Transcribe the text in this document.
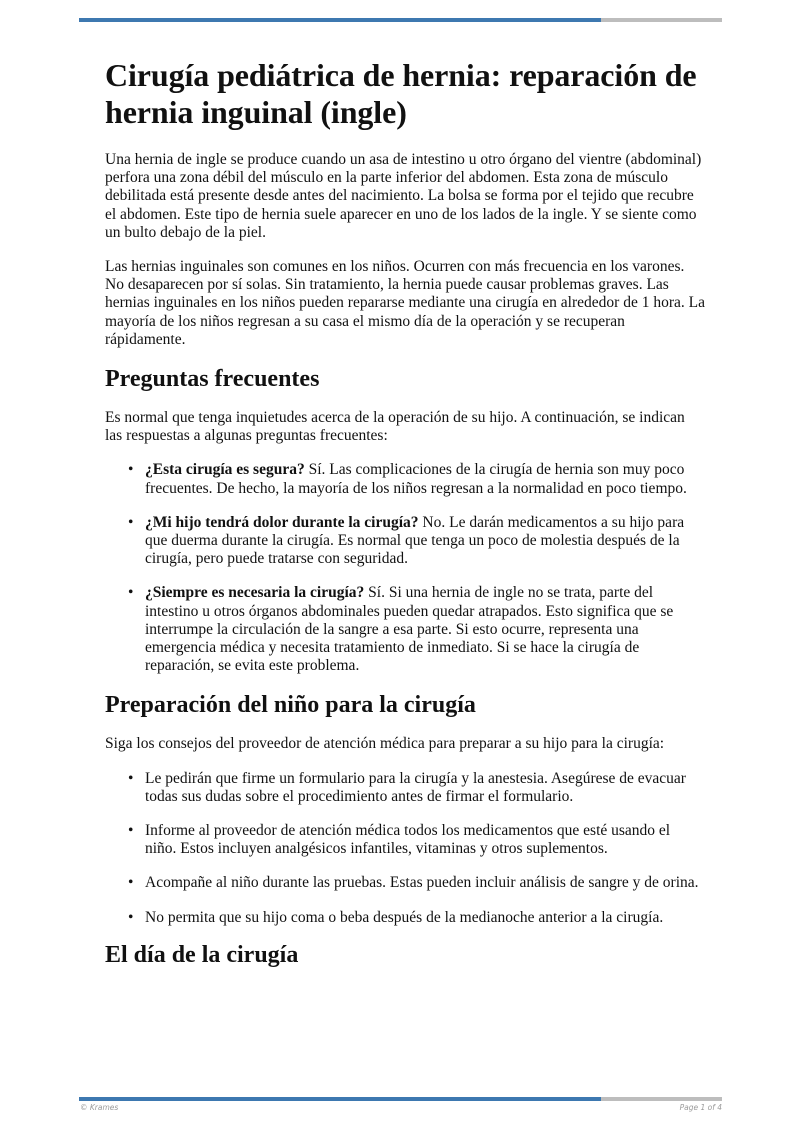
Cirugía pediátrica de hernia: reparación de hernia inguinal (ingle)

Una hernia de ingle se produce cuando un asa de intestino u otro órgano del vientre (abdominal) perfora una zona débil del músculo en la parte inferior del abdomen. Esta zona de músculo debilitada está presente desde antes del nacimiento. La bolsa se forma por el tejido que recubre el abdomen. Este tipo de hernia suele aparecer en uno de los lados de la ingle. Y se siente como un bulto debajo de la piel.

Las hernias inguinales son comunes en los niños. Ocurren con más frecuencia en los varones. No desaparecen por sí solas. Sin tratamiento, la hernia puede causar problemas graves. Las hernias inguinales en los niños pueden repararse mediante una cirugía en alrededor de 1 hora. La mayoría de los niños regresan a su casa el mismo día de la operación y se recuperan rápidamente.

Preguntas frecuentes

Es normal que tenga inquietudes acerca de la operación de su hijo. A continuación, se indican las respuestas a algunas preguntas frecuentes:

• ¿Esta cirugía es segura? Sí. Las complicaciones de la cirugía de hernia son muy poco frecuentes. De hecho, la mayoría de los niños regresan a la normalidad en poco tiempo.
• ¿Mi hijo tendrá dolor durante la cirugía? No. Le darán medicamentos a su hijo para que duerma durante la cirugía. Es normal que tenga un poco de molestia después de la cirugía, pero puede tratarse con seguridad.
• ¿Siempre es necesaria la cirugía? Sí. Si una hernia de ingle no se trata, parte del intestino u otros órganos abdominales pueden quedar atrapados. Esto significa que se interrumpe la circulación de la sangre a esa parte. Si esto ocurre, representa una emergencia médica y necesita tratamiento de inmediato. Si se hace la cirugía de reparación, se evita este problema.
Preparación del niño para la cirugía

Siga los consejos del proveedor de atención médica para preparar a su hijo para la cirugía:

• Le pedirán que firme un formulario para la cirugía y la anestesia. Asegúrese de evacuar todas sus dudas sobre el procedimiento antes de firmar el formulario.
• Informe al proveedor de atención médica todos los medicamentos que esté usando el niño. Estos incluyen analgésicos infantiles, vitaminas y otros suplementos.
• Acompañe al niño durante las pruebas. Estas pueden incluir análisis de sangre y de orina.
• No permita que su hijo coma o beba después de la medianoche anterior a la cirugía.
El día de la cirugía
© Krames	Page 1 of 4
